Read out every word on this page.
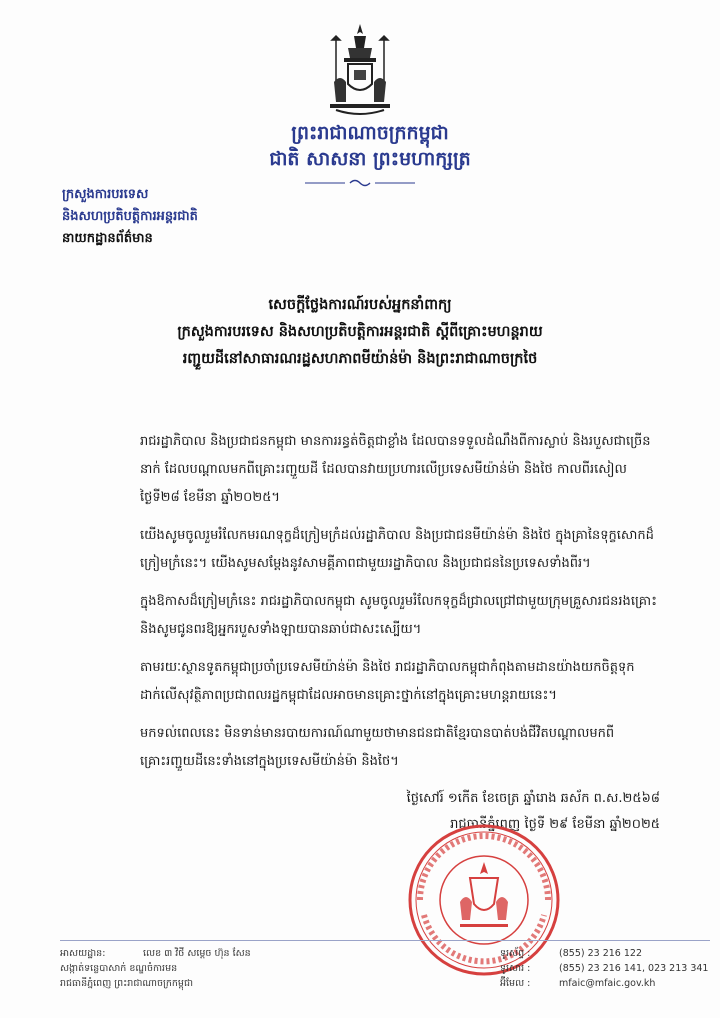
ព្រះរាជាណាចក្រកម្ពុជា
ជាតិ សាសនា ព្រះមហាក្សត្រ
ក្រសួងការបរទេស
និងសហប្រតិបត្តិការអន្តរជាតិ
នាយកដ្ឋានព័ត៌មាន
សេចក្តីថ្លែងការណ៍របស់អ្នកនាំពាក្យ
ក្រសួងការបរទេស និងសហប្រតិបត្តិការអន្តរជាតិ ស្តីពីគ្រោះមហន្តរាយ
រញ្ជួយដីនៅសាធារណរដ្ឋសហភាពមីយ៉ាន់ម៉ា និងព្រះរាជាណាចក្រថៃ

រាជរដ្ឋាភិបាល និងប្រជាជនកម្ពុជា មានការរន្ធត់ចិត្តជាខ្លាំង ដែលបានទទួលដំណឹងពីការស្លាប់ និងរបួសជាច្រើននាក់ ដែលបណ្តាលមកពីគ្រោះរញ្ជួយដី ដែលបានវាយប្រហារលើប្រទេសមីយ៉ាន់ម៉ា និងថៃ កាលពីរសៀលថ្ងៃទី២៨ ខែមីនា ឆ្នាំ២០២៥។

យើងសូមចូលរួមរំលែកមរណទុក្ខដ៏ក្រៀមក្រំដល់រដ្ឋាភិបាល និងប្រជាជនមីយ៉ាន់ម៉ា និងថៃ ក្នុងគ្រានៃទុក្ខសោកដ៏ក្រៀមក្រំនេះ។ យើងសូមសម្តែងនូវសាមគ្គីភាពជាមួយរដ្ឋាភិបាល និងប្រជាជននៃប្រទេសទាំងពីរ។

ក្នុងឱកាសដ៏ក្រៀមក្រំនេះ រាជរដ្ឋាភិបាលកម្ពុជា សូមចូលរួមរំលែកទុក្ខដ៏ជ្រាលជ្រៅជាមួយក្រុមគ្រួសារជនរងគ្រោះ និងសូមជូនពរឱ្យអ្នករបួសទាំងឡាយបានឆាប់ជាសះស្បើយ។

តាមរយៈស្ថានទូតកម្ពុជាប្រចាំប្រទេសមីយ៉ាន់ម៉ា និងថៃ រាជរដ្ឋាភិបាលកម្ពុជាកំពុងតាមដានយ៉ាងយកចិត្តទុកដាក់លើសុវត្ថិភាពប្រជាពលរដ្ឋកម្ពុជាដែលអាចមានគ្រោះថ្នាក់នៅក្នុងគ្រោះមហន្តរាយនេះ។

មកទល់ពេលនេះ មិនទាន់មានរបាយការណ៍ណាមួយថាមានជនជាតិខ្មែរបានបាត់បង់ជីវិតបណ្តាលមកពីគ្រោះរញ្ជួយដីនេះទាំងនៅក្នុងប្រទេសមីយ៉ាន់ម៉ា និងថៃ។

ថ្ងៃសៅរ៍ ១កើត ខែចេត្រ ឆ្នាំរោង ឆស័ក ព.ស.២៥៦៨
រាជធានីភ្នំពេញ ថ្ងៃទី ២៩ ខែមីនា ឆ្នាំ២០២៥
អាសយដ្ឋាន:	លេខ ៣ វិថី សម្តេច ហ៊ុន សែន
សង្កាត់ទន្លេបាសាក់ ខណ្ឌចំការមន
រាជធានីភ្នំពេញ ព្រះរាជាណាចក្រកម្ពុជា
ទូរស័ព្ទ :	(855) 23 216 122
ទូរសារ :	(855) 23 216 141, 023 213 341
អ៊ីមែល :	mfaic@mfaic.gov.kh
